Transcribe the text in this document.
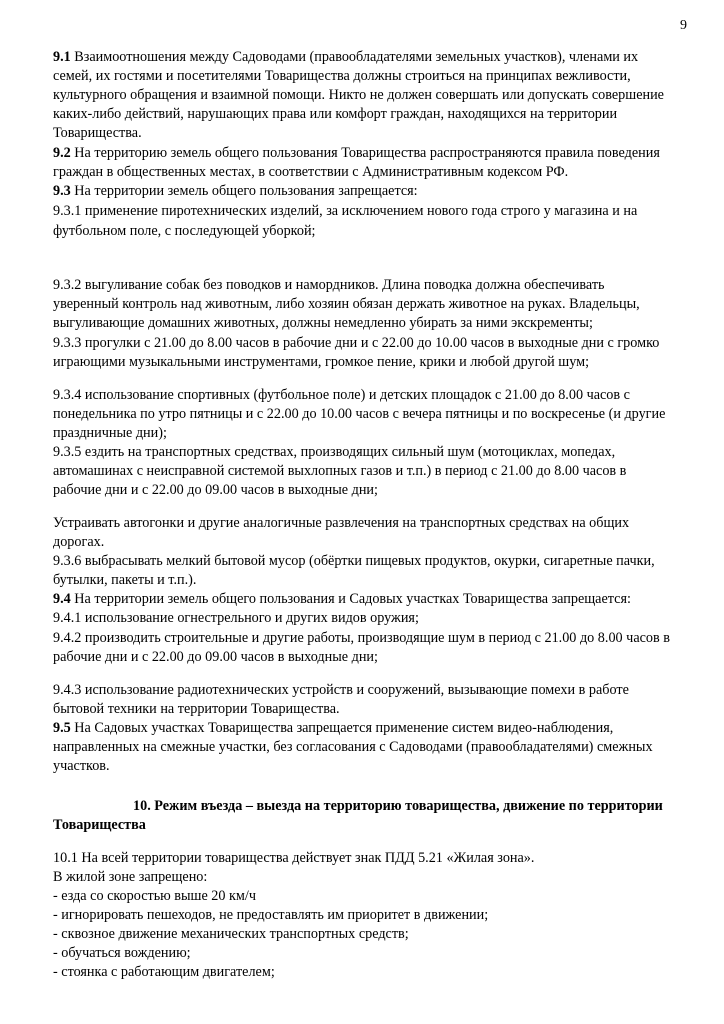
9
9.1 Взаимоотношения между Садоводами (правообладателями земельных участков), членами их
семей, их гостями и посетителями Товарищества должны строиться на принципах вежливости,
культурного обращения и взаимной помощи. Никто не должен совершать или допускать совершение
каких-либо действий, нарушающих права или комфорт граждан, находящихся на территории
Товарищества.
9.2 На территорию земель общего пользования Товарищества распространяются правила поведения
граждан в общественных местах, в соответствии с Административным кодексом РФ.
9.3 На территории земель общего пользования запрещается:
9.3.1 применение пиротехнических изделий, за исключением нового года строго у магазина и на
футбольном поле, с последующей уборкой;
9.3.2 выгуливание собак без поводков и намордников. Длина поводка должна обеспечивать
уверенный контроль над животным, либо хозяин обязан держать животное на руках. Владельцы,
выгуливающие домашних животных, должны немедленно убирать за ними экскременты;
9.3.3 прогулки с 21.00 до 8.00 часов в рабочие дни и с 22.00 до 10.00 часов в выходные дни с громко
играющими музыкальными инструментами, громкое пение, крики и любой другой шум;
9.3.4 использование спортивных (футбольное поле) и детских площадок с 21.00 до 8.00 часов с
понедельника по утро пятницы и с 22.00 до 10.00 часов с вечера пятницы и по воскресенье (и другие
праздничные дни);
9.3.5 ездить на транспортных средствах, производящих сильный шум (мотоциклах, мопедах,
автомашинах с неисправной системой выхлопных газов и т.п.) в период с 21.00 до 8.00 часов в
рабочие дни и с 22.00 до 09.00 часов в выходные дни;
Устраивать автогонки и другие аналогичные развлечения на транспортных средствах на общих
дорогах.
9.3.6 выбрасывать мелкий бытовой мусор (обёртки пищевых продуктов, окурки, сигаретные пачки,
бутылки, пакеты и т.п.).
9.4 На территории земель общего пользования и Садовых участках Товарищества запрещается:
9.4.1 использование огнестрельного и других видов оружия;
9.4.2 производить строительные и другие работы, производящие шум в период с 21.00 до 8.00 часов в
рабочие дни и с 22.00 до 09.00 часов в выходные дни;
9.4.3 использование радиотехнических устройств и сооружений, вызывающие помехи в работе
бытовой техники на территории Товарищества.
9.5 На Садовых участках Товарищества запрещается применение систем видео-наблюдения,
направленных на смежные участки, без согласования с Садоводами (правообладателями) смежных
участков.
10. Режим въезда – выезда на территорию товарищества, движение по территории
Товарищества
10.1 На всей территории товарищества действует знак ПДД 5.21 «Жилая зона».
В жилой зоне запрещено:
- езда со скоростью выше 20 км/ч
- игнорировать пешеходов, не предоставлять им приоритет в движении;
- сквозное движение механических транспортных средств;
- обучаться вождению;
- стоянка с работающим двигателем;
